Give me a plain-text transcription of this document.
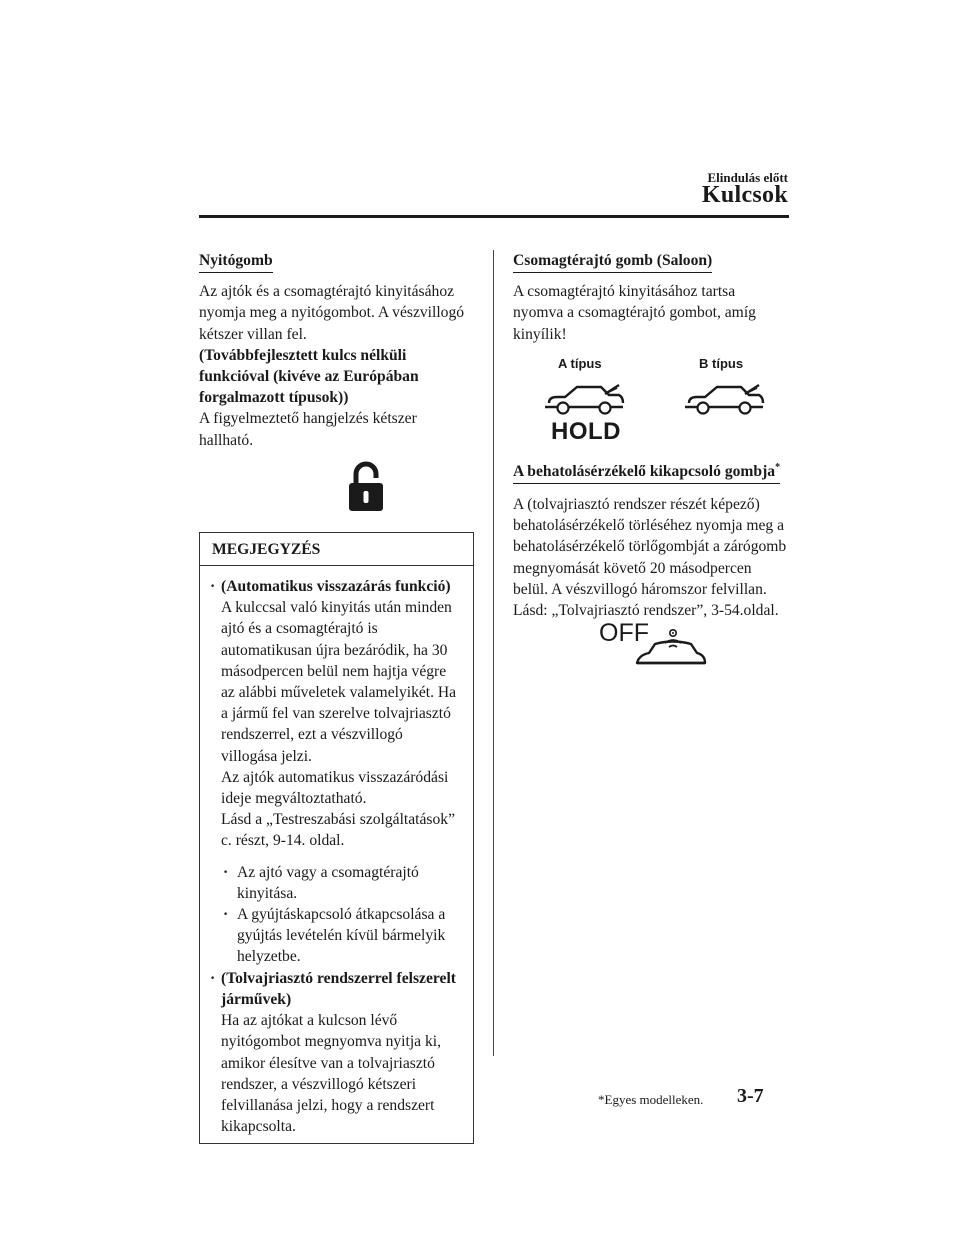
Elindulás előtt
Kulcsok
Nyitógomb

Az ajtók és a csomagtérajtó kinyitásához nyomja meg a nyitógombot. A vészvillogó kétszer villan fel.

(Továbbfejlesztett kulcs nélküli funkcióval (kivéve az Európában forgalmazott típusok))

A figyelmeztető hangjelzés kétszer hallható.

MEGJEGYZÉS
· (Automatikus visszazárás funkció)
A kulccsal való kinyitás után minden ajtó és a csomagtérajtó is automatikusan újra bezáródik, ha 30 másodpercen belül nem hajtja végre az alábbi műveletek valamelyikét. Ha a jármű fel van szerelve tolvajriasztó rendszerrel, ezt a vészvillogó villogása jelzi.
Az ajtók automatikus visszazáródási ideje megváltoztatható.
Lásd a „Testreszabási szolgáltatások” c. részt, 9-14. oldal.
· Az ajtó vagy a csomagtérajtó kinyitása.
· A gyújtáskapcsoló átkapcsolása a gyújtás levételén kívül bármelyik helyzetbe.
· (Tolvajriasztó rendszerrel felszerelt járművek)
Ha az ajtókat a kulcson lévő nyitógombot megnyomva nyitja ki, amikor élesítve van a tolvajriasztó rendszer, a vészvillogó kétszeri felvillanása jelzi, hogy a rendszert kikapcsolta.
Csomagtérajtó gomb (Saloon)

A csomagtérajtó kinyitásához tartsa nyomva a csomagtérajtó gombot, amíg kinyílik!

A típus	B típus
HOLD
A behatolásérzékelő kikapcsoló gombja*

A (tolvajriasztó rendszer részét képező) behatolásérzékelő törléséhez nyomja meg a behatolásérzékelő törlőgombját a zárógomb megnyomását követő 20 másodpercen belül. A vészvillogó háromszor felvillan.

Lásd: „Tolvajriasztó rendszer”, 3-54.oldal.

OFF
*Egyes modelleken. 3-7
